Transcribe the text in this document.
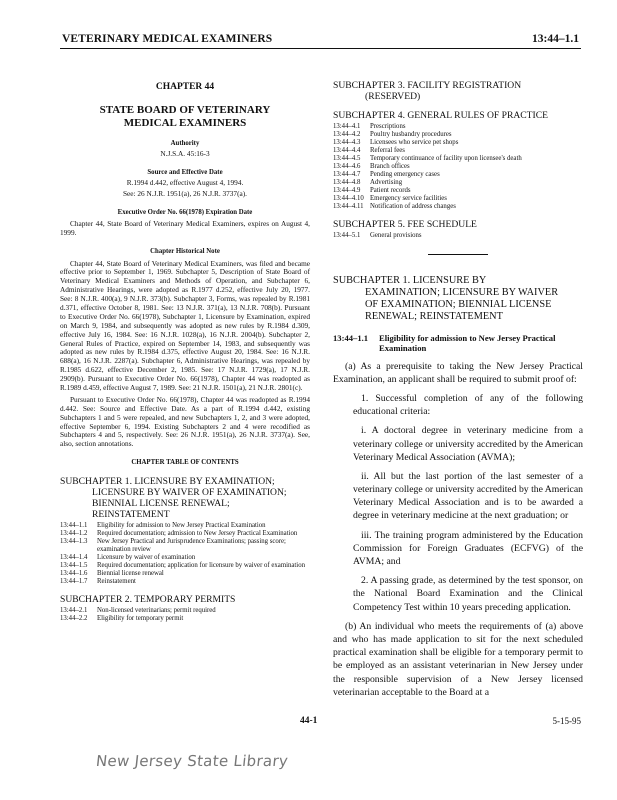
VETERINARY MEDICAL EXAMINERS	13:44–1.1
CHAPTER 44
STATE BOARD OF VETERINARY
MEDICAL EXAMINERS
Authority
N.J.S.A. 45:16-3
Source and Effective Date
R.1994 d.442, effective August 4, 1994.
See: 26 N.J.R. 1951(a), 26 N.J.R. 3737(a).
Executive Order No. 66(1978) Expiration Date
Chapter 44, State Board of Veterinary Medical Examiners, expires on August 4, 1999.
Chapter Historical Note
Chapter 44, State Board of Veterinary Medical Examiners, was filed and became effective prior to September 1, 1969. Subchapter 5, Description of State Board of Veterinary Medical Examiners and Methods of Operation, and Subchapter 6, Administrative Hearings, were adopted as R.1977 d.252, effective July 20, 1977. See: 8 N.J.R. 400(a), 9 N.J.R. 373(b). Subchapter 3, Forms, was repealed by R.1981 d.371, effective October 8, 1981. See: 13 N.J.R. 371(a), 13 N.J.R. 708(b). Pursuant to Executive Order No. 66(1978), Subchapter 1, Licensure by Examination, expired on March 9, 1984, and subsequently was adopted as new rules by R.1984 d.309, effective July 16, 1984. See: 16 N.J.R. 1028(a), 16 N.J.R. 2004(b). Subchapter 2, General Rules of Practice, expired on September 14, 1983, and subsequently was adopted as new rules by R.1984 d.375, effective August 20, 1984. See: 16 N.J.R. 688(a), 16 N.J.R. 2287(a). Subchapter 6, Administrative Hearings, was repealed by R.1985 d.622, effective December 2, 1985. See: 17 N.J.R. 1729(a), 17 N.J.R. 2909(b). Pursuant to Executive Order No. 66(1978), Chapter 44 was readopted as R.1989 d.459, effective August 7, 1989. See: 21 N.J.R. 1501(a), 21 N.J.R. 2801(c).
Pursuant to Executive Order No. 66(1978), Chapter 44 was readopted as R.1994 d.442. See: Source and Effective Date. As a part of R.1994 d.442, existing Subchapters 1 and 5 were repealed, and new Subchapters 1, 2, and 3 were adopted, effective September 6, 1994. Existing Subchapters 2 and 4 were recodified as Subchapters 4 and 5, respectively. See: 26 N.J.R. 1951(a), 26 N.J.R. 3737(a). See, also, section annotations.
CHAPTER TABLE OF CONTENTS
SUBCHAPTER 1. LICENSURE BY EXAMINATION;
LICENSURE BY WAIVER OF EXAMINATION;
BIENNIAL LICENSE RENEWAL;
REINSTATEMENT
13:44–1.1	Eligibility for admission to New Jersey Practical Examination
13:44–1.2	Required documentation; admission to New Jersey Practical Examination
13:44–1.3	New Jersey Practical and Jurisprudence Examinations; passing score; examination review
13:44–1.4	Licensure by waiver of examination
13:44–1.5	Required documentation; application for licensure by waiver of examination
13:44–1.6	Biennial license renewal
13:44–1.7	Reinstatement
SUBCHAPTER 2. TEMPORARY PERMITS
13:44–2.1	Non-licensed veterinarians; permit required
13:44–2.2	Eligibility for temporary permit
SUBCHAPTER 3. FACILITY REGISTRATION
(RESERVED)
SUBCHAPTER 4. GENERAL RULES OF PRACTICE
13:44–4.1	Prescriptions
13:44–4.2	Poultry husbandry procedures
13:44–4.3	Licensees who service pet shops
13:44–4.4	Referral fees
13:44–4.5	Temporary continuance of facility upon licensee's death
13:44–4.6	Branch offices
13:44–4.7	Pending emergency cases
13:44–4.8	Advertising
13:44–4.9	Patient records
13:44–4.10 Emergency service facilities
13:44–4.11 Notification of address changes
SUBCHAPTER 5. FEE SCHEDULE
13:44–5.1	General provisions
SUBCHAPTER 1. LICENSURE BY
EXAMINATION; LICENSURE BY WAIVER
OF EXAMINATION; BIENNIAL LICENSE
RENEWAL; REINSTATEMENT
13:44–1.1	Eligibility for admission to New Jersey Practical Examination
(a) As a prerequisite to taking the New Jersey Practical Examination, an applicant shall be required to submit proof of:
1. Successful completion of any of the following educational criteria:
i. A doctoral degree in veterinary medicine from a veterinary college or university accredited by the American Veterinary Medical Association (AVMA);
ii. All but the last portion of the last semester of a veterinary college or university accredited by the American Veterinary Medical Association and is to be awarded a degree in veterinary medicine at the next graduation; or
iii. The training program administered by the Education Commission for Foreign Graduates (ECFVG) of the AVMA; and
2. A passing grade, as determined by the test sponsor, on the National Board Examination and the Clinical Competency Test within 10 years preceding application.
(b) An individual who meets the requirements of (a) above and who has made application to sit for the next scheduled practical examination shall be eligible for a temporary permit to be employed as an assistant veterinarian in New Jersey under the responsible supervision of a New Jersey licensed veterinarian acceptable to the Board at a
44-1	5-15-95
New Jersey State Library
